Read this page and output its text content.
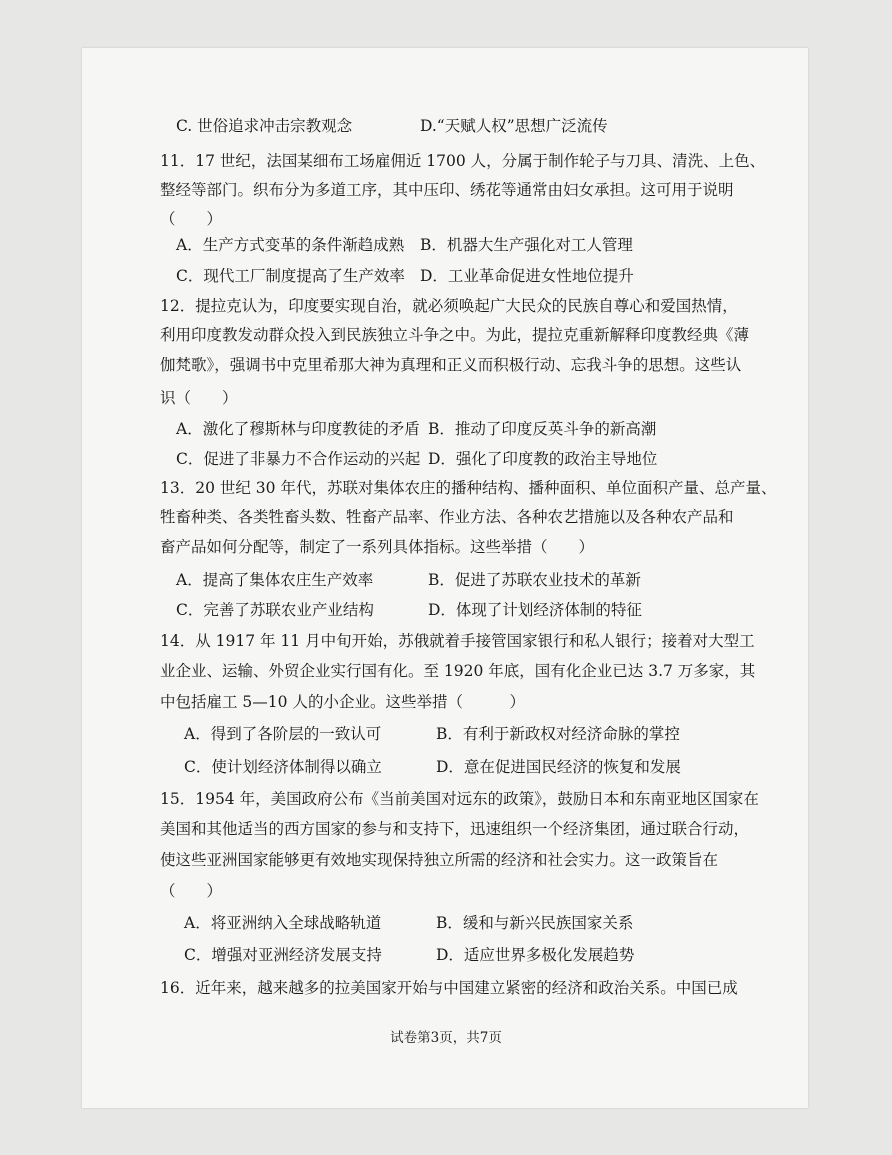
C. 世俗追求冲击宗教观念	D.“天赋人权”思想广泛流传
11．17 世纪，法国某细布工场雇佣近 1700 人，分属于制作轮子与刀具、清洗、上色、
整经等部门。织布分为多道工序，其中压印、绣花等通常由妇女承担。这可用于说明
（　　）
A．生产方式变革的条件渐趋成熟 B．机器大生产强化对工人管理
C．现代工厂制度提高了生产效率 D．工业革命促进女性地位提升
12．提拉克认为，印度要实现自治，就必须唤起广大民众的民族自尊心和爱国热情，
利用印度教发动群众投入到民族独立斗争之中。为此，提拉克重新解释印度教经典《薄
伽梵歌》，强调书中克里希那大神为真理和正义而积极行动、忘我斗争的思想。这些认
识（　　）
A．激化了穆斯林与印度教徒的矛盾 B．推动了印度反英斗争的新高潮
C．促进了非暴力不合作运动的兴起 D．强化了印度教的政治主导地位
13．20 世纪 30 年代，苏联对集体农庄的播种结构、播种面积、单位面积产量、总产量、
牲畜种类、各类牲畜头数、牲畜产品率、作业方法、各种农艺措施以及各种农产品和
畜产品如何分配等，制定了一系列具体指标。这些举措（　　）
A．提高了集体农庄生产效率	B．促进了苏联农业技术的革新
C．完善了苏联农业产业结构	D．体现了计划经济体制的特征
14．从 1917 年 11 月中旬开始，苏俄就着手接管国家银行和私人银行；接着对大型工
业企业、运输、外贸企业实行国有化。至 1920 年底，国有化企业已达 3.7 万多家，其
中包括雇工 5—10 人的小企业。这些举措（　　　）
A．得到了各阶层的一致认可	B．有利于新政权对经济命脉的掌控
C．使计划经济体制得以确立	D．意在促进国民经济的恢复和发展
15．1954 年，美国政府公布《当前美国对远东的政策》，鼓励日本和东南亚地区国家在
美国和其他适当的西方国家的参与和支持下，迅速组织一个经济集团，通过联合行动，
使这些亚洲国家能够更有效地实现保持独立所需的经济和社会实力。这一政策旨在
（　　）
A．将亚洲纳入全球战略轨道	B．缓和与新兴民族国家关系
C．增强对亚洲经济发展支持	D．适应世界多极化发展趋势
16．近年来，越来越多的拉美国家开始与中国建立紧密的经济和政治关系。中国已成
试卷第3页，共7页
